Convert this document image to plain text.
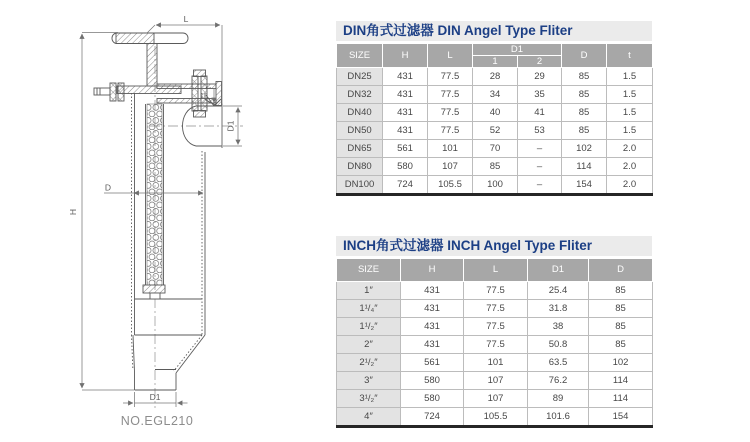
H
L
D
D1
t
D1
NO.EGL210
DIN角式过滤器 DIN Angel Type Fliter
SIZE	H	L	D1		D	t
			1	2		
DN25	431	77.5	28	29	85	1.5
DN32	431	77.5	34	35	85	1.5
DN40	431	77.5	40	41	85	1.5
DN50	431	77.5	52	53	85	1.5
DN65	561	101	70	–	102	2.0
DN80	580	107	85	–	114	2.0
DN100	724	105.5	100	–	154	2.0
INCH角式过滤器 INCH Angel Type Fliter
SIZE	H	L	D1	D
1″	431	77.5	25.4	85
1¹/₄″	431	77.5	31.8	85
1¹/₂″	431	77.5	38	85
2″	431	77.5	50.8	85
2¹/₂″	561	101	63.5	102
3″	580	107	76.2	114
3¹/₂″	580	107	89	114
4″	724	105.5	101.6	154
